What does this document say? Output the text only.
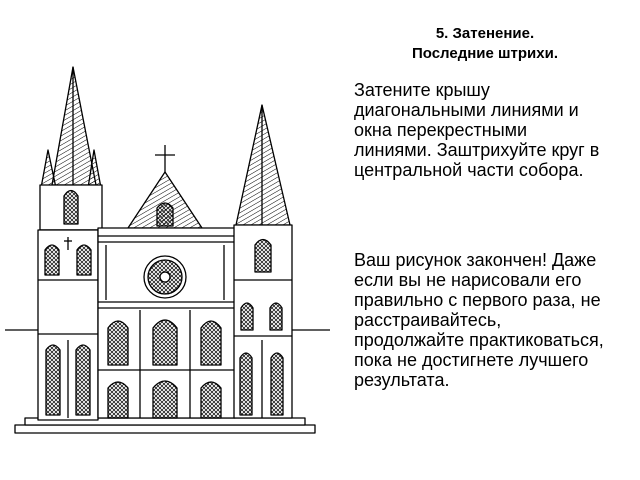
5. Затенение.
Последние штрихи.

Затените крышу диагональными линиями и окна перекрестными линиями. Заштрихуйте круг в центральной части собора.

Ваш рисунок закончен! Даже если вы не нарисовали его правильно с первого раза, не расстраивайтесь, продолжайте практиковаться, пока не достигнете лучшего результата.
